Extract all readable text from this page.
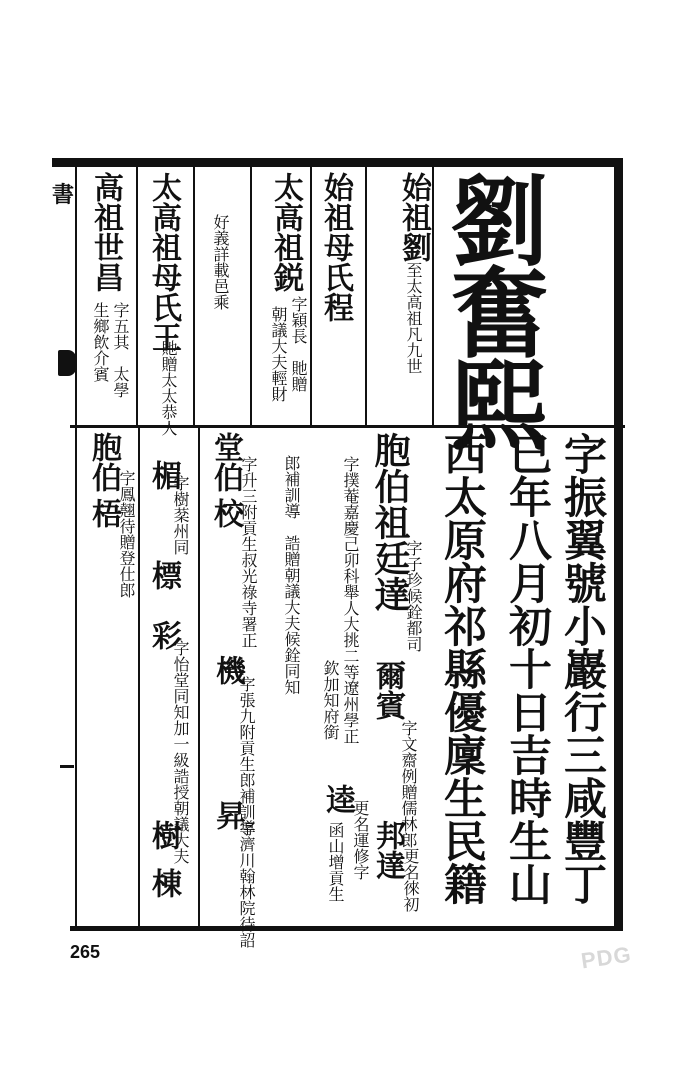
劉奮熙
字振翼號小巖行三咸豐丁
巳年八月初十日吉時生山
西太原府祁縣優廩生民籍
始祖劉
至太高祖凡九世
始祖母氏程
太高祖鋭
字穎長　貤贈
朝議大夫輕財
好義詳載邑乘
太高祖母氏王
貤贈太太恭人
高祖世昌
字五其　太學
生鄉飲介賓
胞伯祖廷達
字子珍候銓都司
爾賓
字文齋例贈儒林郎
邦達
更名徠初
字撲菴嘉慶己卯科舉人大挑二等遼州學正
逵
更名運修字
欽加知府銜
函山增貢生
郎補訓導　誥贈朝議大夫候銓同知
堂伯
校
字升三附貢生叔光祿寺署正
機
字張九附貢生郎補訓導
昇
字濟川翰林院待詔
楣
字樹棻州同
標
彩
字怡堂同知加一級誥授朝議大夫
樹
棟
胞伯
梧
字鳳翹待贈登仕郎
書
265	PDG
